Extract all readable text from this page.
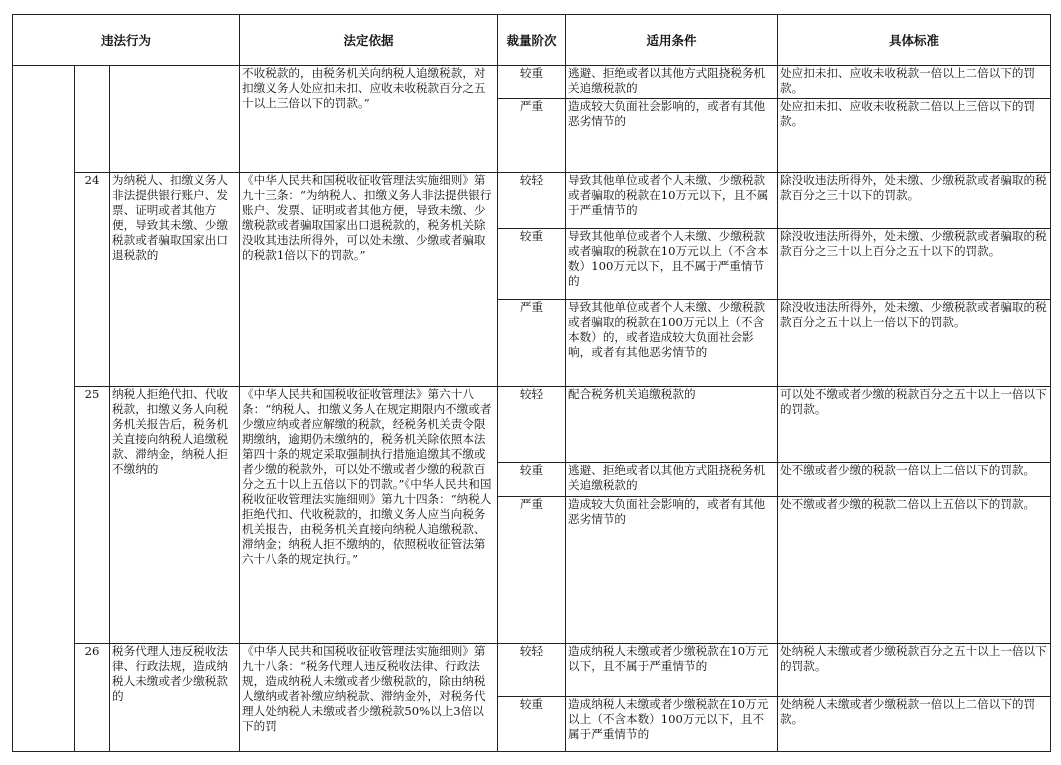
违法行为			法定依据	裁量阶次	适用条件	具体标准
			不收税款的，由税务机关向纳税人追缴税款，对扣缴义务人处应扣未扣、应收未收税款百分之五十以上三倍以下的罚款。”	较重	逃避、拒绝或者以其他方式阻挠税务机关追缴税款的	处应扣未扣、应收未收税款一倍以上二倍以下的罚款。
				严重	造成较大负面社会影响的，或者有其他恶劣情节的	处应扣未扣、应收未收税款二倍以上三倍以下的罚款。
	24	为纳税人、扣缴义务人非法提供银行账户、发票、证明或者其他方便，导致其未缴、少缴税款或者骗取国家出口退税款的	《中华人民共和国税收征收管理法实施细则》第九十三条：“为纳税人、扣缴义务人非法提供银行账户、发票、证明或者其他方便，导致未缴、少缴税款或者骗取国家出口退税款的，税务机关除没收其违法所得外，可以处未缴、少缴或者骗取的税款1倍以下的罚款。”	较轻	导致其他单位或者个人未缴、少缴税款或者骗取的税款在10万元以下，且不属于严重情节的	除没收违法所得外，处未缴、少缴税款或者骗取的税款百分之三十以下的罚款。
				较重	导致其他单位或者个人未缴、少缴税款或者骗取的税款在10万元以上（不含本数）100万元以下，且不属于严重情节的	除没收违法所得外，处未缴、少缴税款或者骗取的税款百分之三十以上百分之五十以下的罚款。
				严重	导致其他单位或者个人未缴、少缴税款或者骗取的税款在100万元以上（不含本数）的，或者造成较大负面社会影响，或者有其他恶劣情节的	除没收违法所得外，处未缴、少缴税款或者骗取的税款百分之五十以上一倍以下的罚款。
	25	纳税人拒绝代扣、代收税款，扣缴义务人向税务机关报告后，税务机关直接向纳税人追缴税款、滞纳金，纳税人拒不缴纳的	《中华人民共和国税收征收管理法》第六十八条：“纳税人、扣缴义务人在规定期限内不缴或者少缴应纳或者应解缴的税款，经税务机关责令限期缴纳，逾期仍未缴纳的，税务机关除依照本法第四十条的规定采取强制执行措施追缴其不缴或者少缴的税款外，可以处不缴或者少缴的税款百分之五十以上五倍以下的罚款。”《中华人民共和国税收征收管理法实施细则》第九十四条：“纳税人拒绝代扣、代收税款的，扣缴义务人应当向税务机关报告，由税务机关直接向纳税人追缴税款、滞纳金；纳税人拒不缴纳的，依照税收征管法第六十八条的规定执行。”	较轻	配合税务机关追缴税款的	可以处不缴或者少缴的税款百分之五十以上一倍以下的罚款。
				较重	逃避、拒绝或者以其他方式阻挠税务机关追缴税款的	处不缴或者少缴的税款一倍以上二倍以下的罚款。
				严重	造成较大负面社会影响的，或者有其他恶劣情节的	处不缴或者少缴的税款二倍以上五倍以下的罚款。
	26	税务代理人违反税收法律、行政法规，造成纳税人未缴或者少缴税款的	《中华人民共和国税收征收管理法实施细则》第九十八条：“税务代理人违反税收法律、行政法规，造成纳税人未缴或者少缴税款的，除由纳税人缴纳或者补缴应纳税款、滞纳金外，对税务代理人处纳税人未缴或者少缴税款50%以上3倍以下的罚	较轻	造成纳税人未缴或者少缴税款在10万元以下，且不属于严重情节的	处纳税人未缴或者少缴税款百分之五十以上一倍以下的罚款。
				较重	造成纳税人未缴或者少缴税款在10万元以上（不含本数）100万元以下，且不属于严重情节的	处纳税人未缴或者少缴税款一倍以上二倍以下的罚款。
